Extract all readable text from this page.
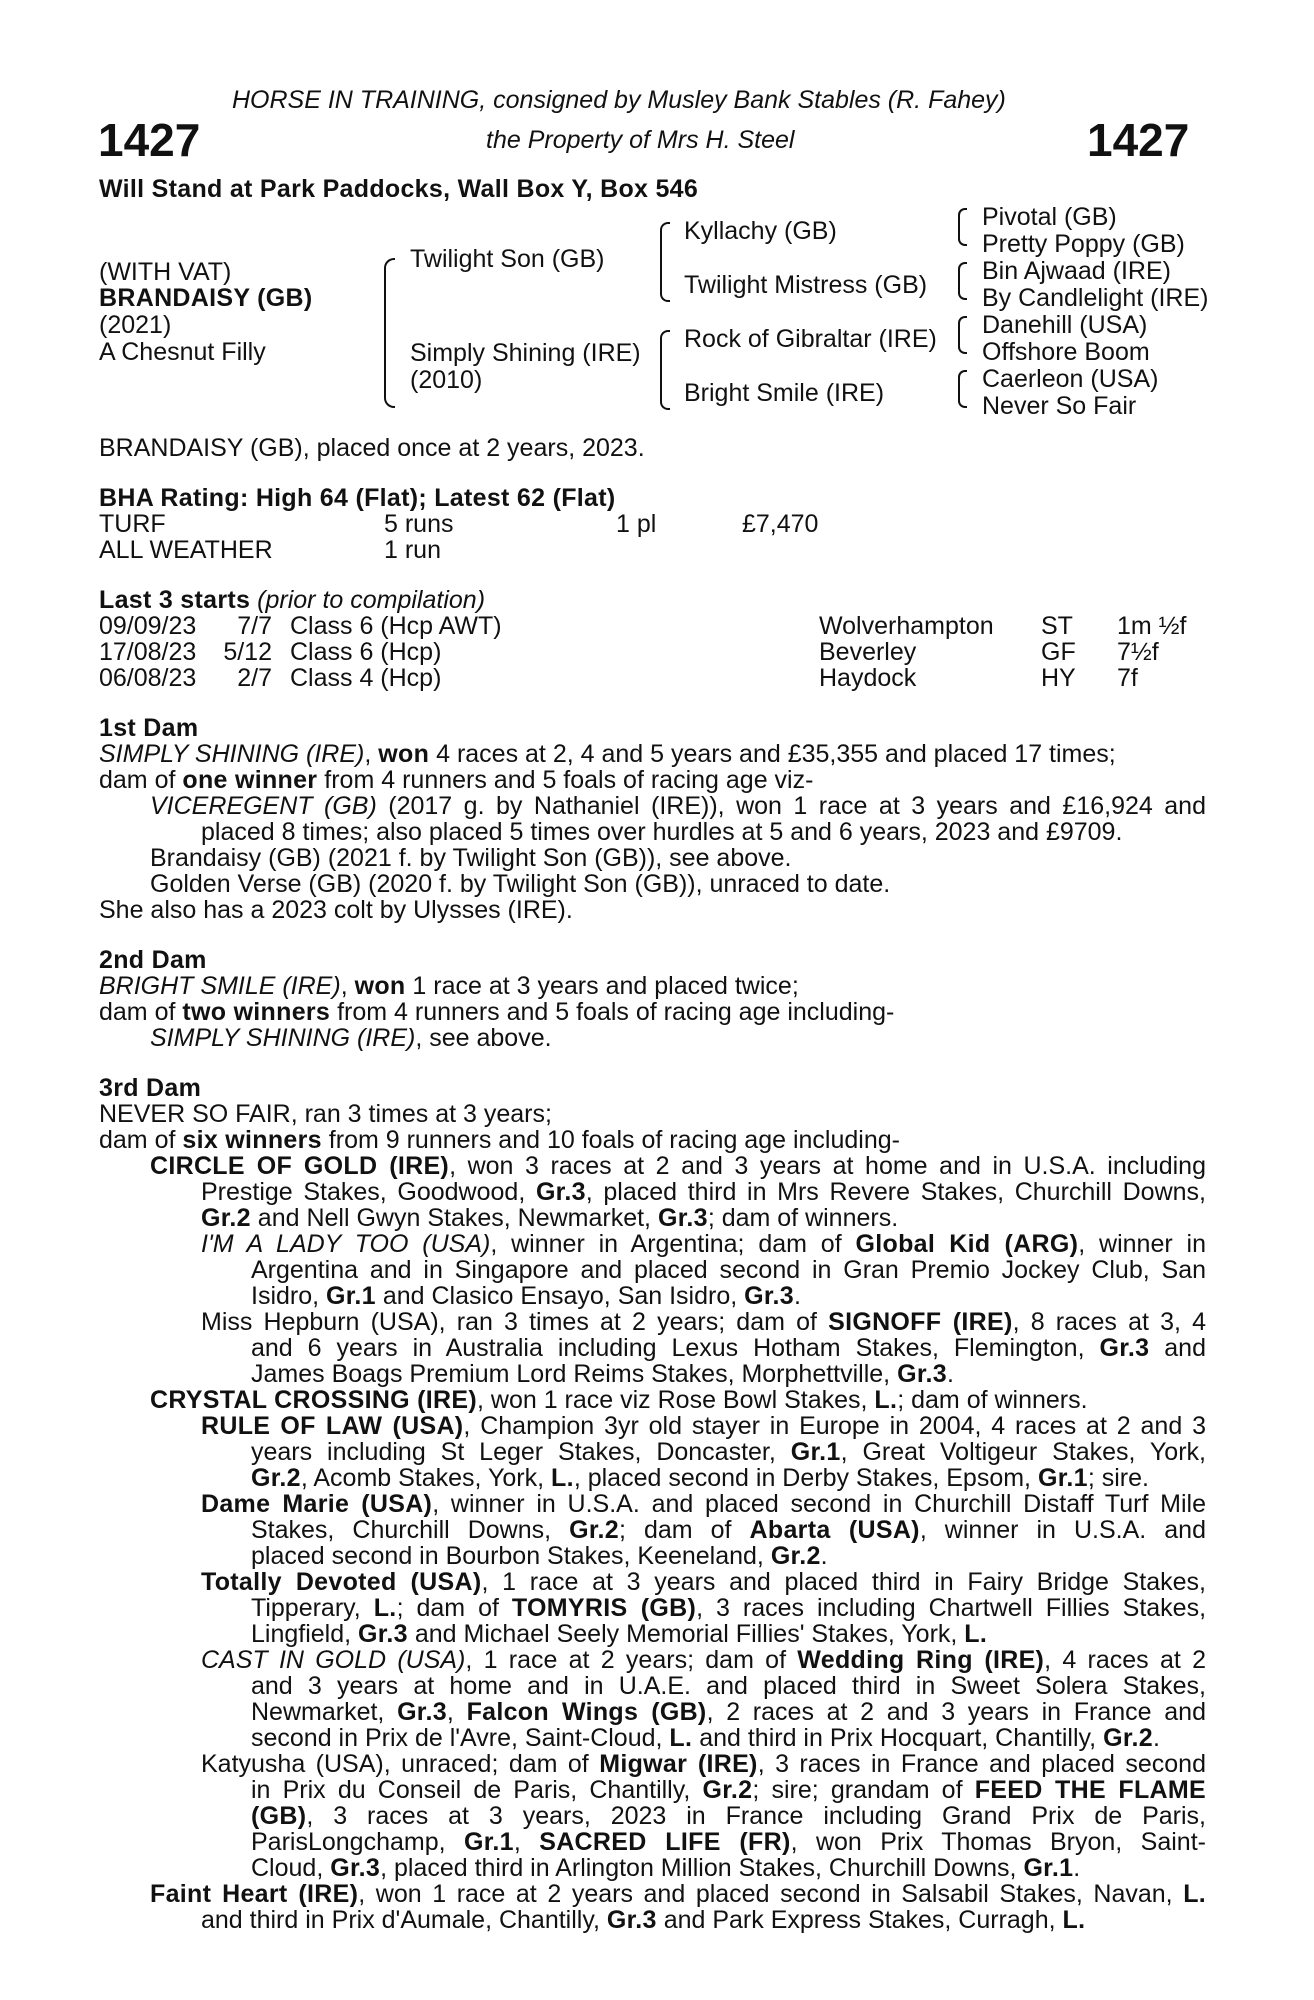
HORSE IN TRAINING, consigned by Musley Bank Stables (R. Fahey)
1427	the Property of Mrs H. Steel	1427
Will Stand at Park Paddocks, Wall Box Y, Box 546
(WITH VAT)
BRANDAISY (GB)
(2021)
A Chesnut Filly
Twilight Son (GB)
Simply Shining (IRE)
(2010)
Kyllachy (GB)
Twilight Mistress (GB)
Rock of Gibraltar (IRE)
Bright Smile (IRE)
Pivotal (GB)
Pretty Poppy (GB)
Bin Ajwaad (IRE)
By Candlelight (IRE)
Danehill (USA)
Offshore Boom
Caerleon (USA)
Never So Fair
BRANDAISY (GB), placed once at 2 years, 2023.
BHA Rating: High 64 (Flat); Latest 62 (Flat)
TURF	5 runs	1 pl	£7,470
ALL WEATHER	1 run
Last 3 starts (prior to compilation)
09/09/23 7/7 Class 6 (Hcp AWT)	Wolverhampton ST 1m ½f
17/08/23 5/12 Class 6 (Hcp)	Beverley	GF 7½f
06/08/23 2/7 Class 4 (Hcp)	Haydock	HY 7f
1st Dam
SIMPLY SHINING (IRE), won 4 races at 2, 4 and 5 years and £35,355 and placed 17 times;
dam of one winner from 4 runners and 5 foals of racing age viz-
VICEREGENT (GB) (2017 g. by Nathaniel (IRE)), won 1 race at 3 years and £16,924 and
placed 8 times; also placed 5 times over hurdles at 5 and 6 years, 2023 and £9709.
Brandaisy (GB) (2021 f. by Twilight Son (GB)), see above.
Golden Verse (GB) (2020 f. by Twilight Son (GB)), unraced to date.
She also has a 2023 colt by Ulysses (IRE).
2nd Dam
BRIGHT SMILE (IRE), won 1 race at 3 years and placed twice;
dam of two winners from 4 runners and 5 foals of racing age including-
SIMPLY SHINING (IRE), see above.
3rd Dam
NEVER SO FAIR, ran 3 times at 3 years;
dam of six winners from 9 runners and 10 foals of racing age including-
CIRCLE OF GOLD (IRE), won 3 races at 2 and 3 years at home and in U.S.A. including
Prestige Stakes, Goodwood, Gr.3, placed third in Mrs Revere Stakes, Churchill Downs,
Gr.2 and Nell Gwyn Stakes, Newmarket, Gr.3; dam of winners.
I'M A LADY TOO (USA), winner in Argentina; dam of Global Kid (ARG), winner in
Argentina and in Singapore and placed second in Gran Premio Jockey Club, San
Isidro, Gr.1 and Clasico Ensayo, San Isidro, Gr.3.
Miss Hepburn (USA), ran 3 times at 2 years; dam of SIGNOFF (IRE), 8 races at 3, 4
and 6 years in Australia including Lexus Hotham Stakes, Flemington, Gr.3 and
James Boags Premium Lord Reims Stakes, Morphettville, Gr.3.
CRYSTAL CROSSING (IRE), won 1 race viz Rose Bowl Stakes, L.; dam of winners.
RULE OF LAW (USA), Champion 3yr old stayer in Europe in 2004, 4 races at 2 and 3
years including St Leger Stakes, Doncaster, Gr.1, Great Voltigeur Stakes, York,
Gr.2, Acomb Stakes, York, L., placed second in Derby Stakes, Epsom, Gr.1; sire.
Dame Marie (USA), winner in U.S.A. and placed second in Churchill Distaff Turf Mile
Stakes, Churchill Downs, Gr.2; dam of Abarta (USA), winner in U.S.A. and
placed second in Bourbon Stakes, Keeneland, Gr.2.
Totally Devoted (USA), 1 race at 3 years and placed third in Fairy Bridge Stakes,
Tipperary, L.; dam of TOMYRIS (GB), 3 races including Chartwell Fillies Stakes,
Lingfield, Gr.3 and Michael Seely Memorial Fillies' Stakes, York, L.
CAST IN GOLD (USA), 1 race at 2 years; dam of Wedding Ring (IRE), 4 races at 2
and 3 years at home and in U.A.E. and placed third in Sweet Solera Stakes,
Newmarket, Gr.3, Falcon Wings (GB), 2 races at 2 and 3 years in France and
second in Prix de l'Avre, Saint-Cloud, L. and third in Prix Hocquart, Chantilly, Gr.2.
Katyusha (USA), unraced; dam of Migwar (IRE), 3 races in France and placed second
in Prix du Conseil de Paris, Chantilly, Gr.2; sire; grandam of FEED THE FLAME
(GB), 3 races at 3 years, 2023 in France including Grand Prix de Paris,
ParisLongchamp, Gr.1, SACRED LIFE (FR), won Prix Thomas Bryon, Saint-
Cloud, Gr.3, placed third in Arlington Million Stakes, Churchill Downs, Gr.1.
Faint Heart (IRE), won 1 race at 2 years and placed second in Salsabil Stakes, Navan, L.
and third in Prix d'Aumale, Chantilly, Gr.3 and Park Express Stakes, Curragh, L.
